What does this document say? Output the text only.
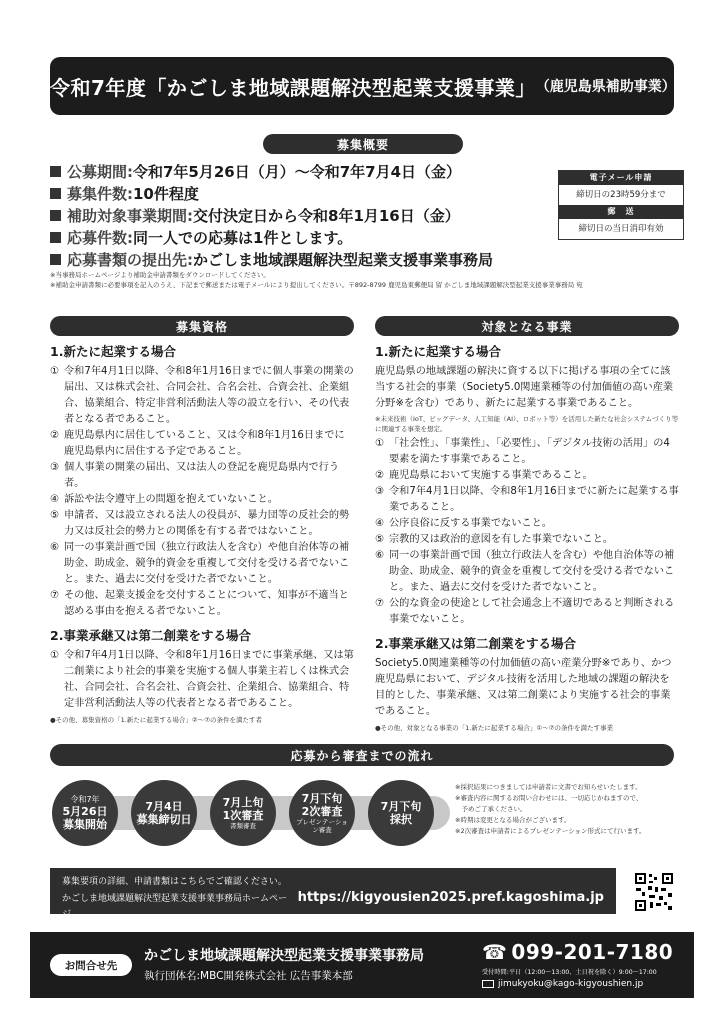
令和7年度「かごしま地域課題解決型起業支援事業」 （鹿児島県補助事業）
募集概要
公募期間: 令和7年5月26日（月）〜令和7年7月4日（金）
募集件数: 10件程度
補助対象事業期間: 交付決定日から令和8年1月16日（金）
応募件数: 同一人での応募は1件とします。
応募書類の提出先: かごしま地域課題解決型起業支援事業事務局
※当事務局ホームページより補助金申請書類をダウンロードしてください。
※補助金申請書類に必要事項を記入のうえ、下記まで郵送または電子メールにより提出してください。〒892-8799 鹿児島東郵便局 留 かごしま地域課題解決型起業支援事業事務局 宛
電子メール申請
締切日の23時59分まで
郵　送
締切日の当日消印有効
募集資格	対象となる事業
1.新たに起業する場合
① 令和7年4月1日以降、令和8年1月16日までに個人事業の開業の届出、又は株式会社、合同会社、合名会社、合資会社、企業組合、協業組合、特定非営利活動法人等の設立を行い、その代表者となる者であること。
② 鹿児島県内に居住していること、又は令和8年1月16日までに鹿児島県内に居住する予定であること。
③ 個人事業の開業の届出、又は法人の登記を鹿児島県内で行う者。
④ 訴訟や法令遵守上の問題を抱えていないこと。
⑤ 申請者、又は設立される法人の役員が、暴力団等の反社会的勢力又は反社会的勢力との関係を有する者ではないこと。
⑥ 同一の事業計画で国（独立行政法人を含む）や他自治体等の補助金、助成金、競争的資金を重複して交付を受ける者でないこと。また、過去に交付を受けた者でないこと。
⑦ その他、起業支援金を交付することについて、知事が不適当と認める事由を抱える者でないこと。
2.事業承継又は第二創業をする場合
① 令和7年4月1日以降、令和8年1月16日までに事業承継、又は第二創業により社会的事業を実施する個人事業主若しくは株式会社、合同会社、合名会社、合資会社、企業組合、協業組合、特定非営利活動法人等の代表者となる者であること。
●その他、募集資格の「1.新たに起業する場合」②〜⑦の条件を満たす者
1.新たに起業する場合
鹿児島県の地域課題の解決に資する以下に掲げる事項の全てに該当する社会的事業（Society5.0関連業種等の付加価値の高い産業分野※を含む）であり、新たに起業する事業であること。
※未来技術（IoT、ビッグデータ、人工知能（AI）、ロボット等）を活用した新たな社会システムづくり等に関連する事業を想定。
① 「社会性」、「事業性」、「必要性」、「デジタル技術の活用」の4要素を満たす事業であること。
② 鹿児島県において実施する事業であること。
③ 令和7年4月1日以降、令和8年1月16日までに新たに起業する事業であること。
④ 公序良俗に反する事業でないこと。
⑤ 宗教的又は政治的意図を有した事業でないこと。
⑥ 同一の事業計画で国（独立行政法人を含む）や他自治体等の補助金、助成金、競争的資金を重複して交付を受ける者でないこと。また、過去に交付を受けた者でないこと。
⑦ 公的な資金の使途として社会通念上不適切であると判断される事業でないこと。
2.事業承継又は第二創業をする場合
Society5.0関連業種等の付加価値の高い産業分野※であり、かつ鹿児島県において、デジタル技術を活用した地域の課題の解決を目的とした、事業承継、又は第二創業により実施する社会的事業であること。
●その他、対象となる事業の「1.新たに起業する場合」①〜⑦の条件を満たす事業
応募から審査までの流れ
令和7年
5月26日
募集開始
7月4日
募集締切日
7月上旬
1次審査
書類審査
7月下旬
2次審査
プレゼンテーション審査
7月下旬
採択
※採択結果につきましては申請者に文書でお知らせいたします。
※審査内容に関するお問い合わせには、一切応じかねますので、
　予めご了承ください。
※時期は変更となる場合がございます。
※2次審査は申請者によるプレゼンテーション形式にて行います。
募集要項の詳細、申請書類はこちらでご確認ください。
かごしま地域課題解決型起業支援事業事務局ホームページ
https://kigyousien2025.pref.kagoshima.jp
お問合せ先
かごしま地域課題解決型起業支援事業事務局
執行団体名:MBC開発株式会社 広告事業本部
☎ 099-201-7180
受付時間:平日（12:00〜13:00、土日祝を除く）9:00〜17:00
jimukyoku@kago-kigyoushien.jp
